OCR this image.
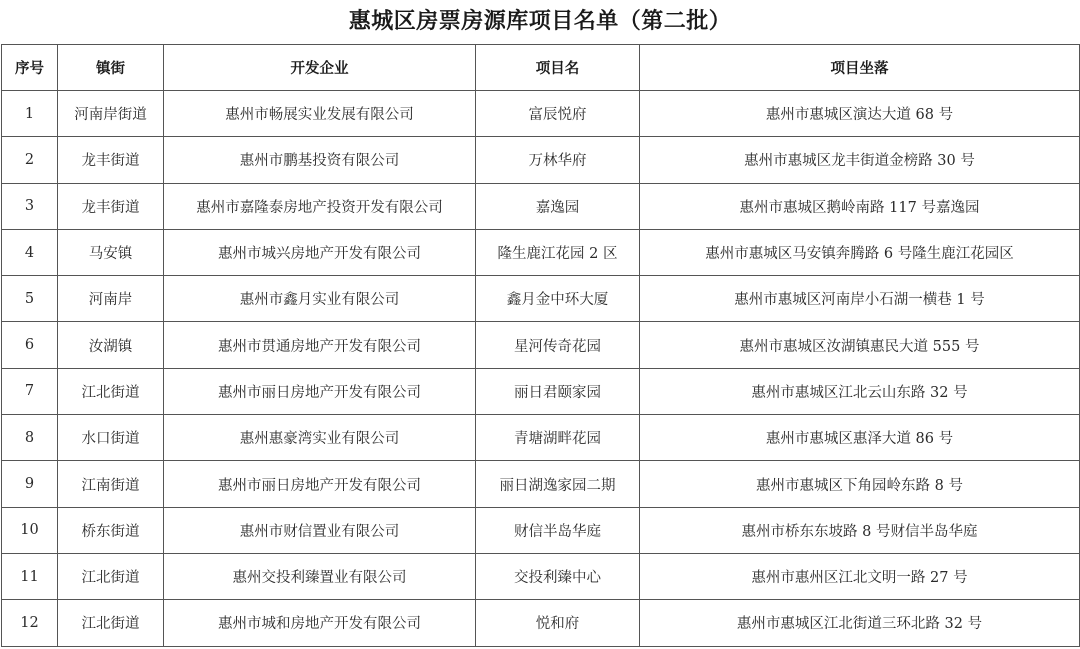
惠城区房票房源库项目名单（第二批）
序号	镇街	开发企业	项目名	项目坐落
1	河南岸街道	惠州市畅展实业发展有限公司	富辰悦府	惠州市惠城区演达大道 68 号
2	龙丰街道	惠州市鹏基投资有限公司	万林华府	惠州市惠城区龙丰街道金榜路 30 号
3	龙丰街道	惠州市嘉隆泰房地产投资开发有限公司	嘉逸园	惠州市惠城区鹅岭南路 117 号嘉逸园
4	马安镇	惠州市城兴房地产开发有限公司	隆生鹿江花园 2 区	惠州市惠城区马安镇奔腾路 6 号隆生鹿江花园区
5	河南岸	惠州市鑫月实业有限公司	鑫月金中环大厦	惠州市惠城区河南岸小石湖一横巷 1 号
6	汝湖镇	惠州市贯通房地产开发有限公司	星河传奇花园	惠州市惠城区汝湖镇惠民大道 555 号
7	江北街道	惠州市丽日房地产开发有限公司	丽日君颐家园	惠州市惠城区江北云山东路 32 号
8	水口街道	惠州惠豪湾实业有限公司	青塘湖畔花园	惠州市惠城区惠泽大道 86 号
9	江南街道	惠州市丽日房地产开发有限公司	丽日湖逸家园二期	惠州市惠城区下角园岭东路 8 号
10	桥东街道	惠州市财信置业有限公司	财信半岛华庭	惠州市桥东东坡路 8 号财信半岛华庭
11	江北街道	惠州交投利臻置业有限公司	交投利臻中心	惠州市惠州区江北文明一路 27 号
12	江北街道	惠州市城和房地产开发有限公司	悦和府	惠州市惠城区江北街道三环北路 32 号
